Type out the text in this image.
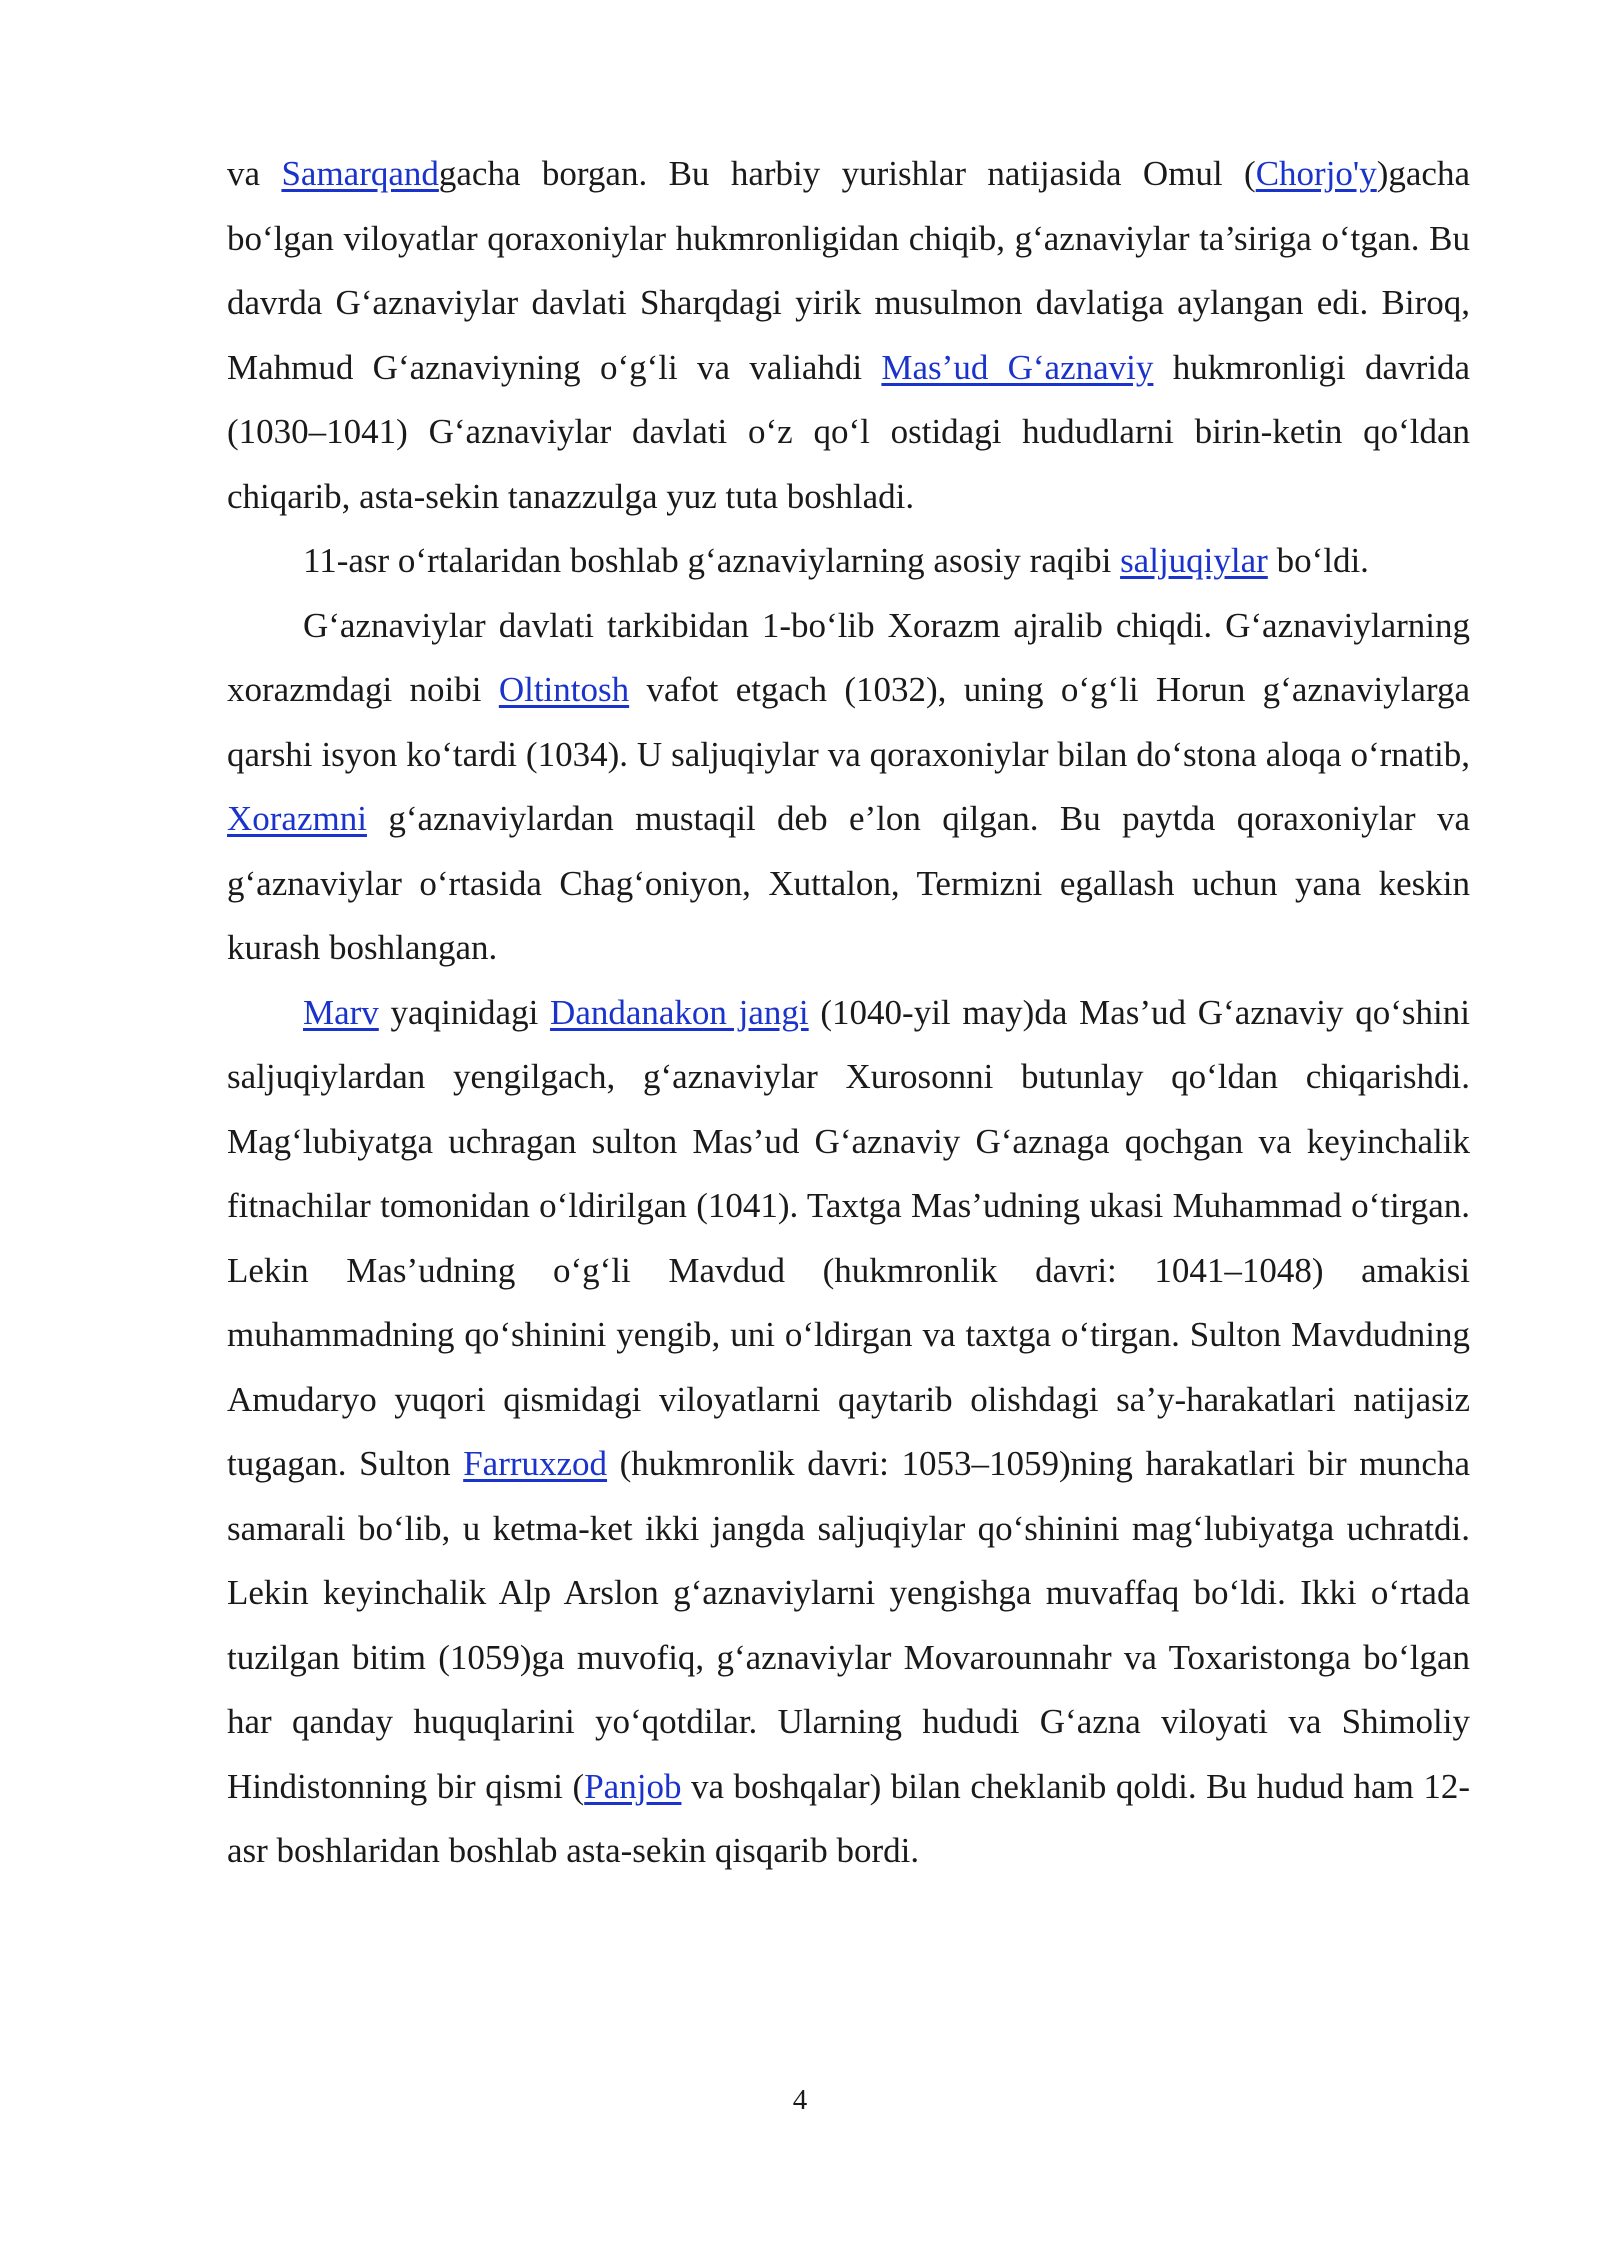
va Samarqandgacha borgan. Bu harbiy yurishlar natijasida Omul (Chorjo'y)gacha bo‘lgan viloyatlar qoraxoniylar hukmronligidan chiqib, g‘aznaviylar ta’siriga o‘tgan. Bu davrda G‘aznaviylar davlati Sharqdagi yirik musulmon davlatiga aylangan edi. Biroq, Mahmud G‘aznaviyning o‘g‘li va valiahdi Mas’ud G‘aznaviy hukmronligi davrida (1030–1041) G‘aznaviylar davlati o‘z qo‘l ostidagi hududlarni birin-ketin qo‘ldan chiqarib, asta-sekin tanazzulga yuz tuta boshladi.

11-asr o‘rtalaridan boshlab g‘aznaviylarning asosiy raqibi saljuqiylar bo‘ldi.

G‘aznaviylar davlati tarkibidan 1-bo‘lib Xorazm ajralib chiqdi. G‘aznaviylarning xorazmdagi noibi Oltintosh vafot etgach (1032), uning o‘g‘li Horun g‘aznaviylarga qarshi isyon ko‘tardi (1034). U saljuqiylar va qoraxoniylar bilan do‘stona aloqa o‘rnatib, Xorazmni g‘aznaviylardan mustaqil deb e’lon qilgan. Bu paytda qoraxoniylar va g‘aznaviylar o‘rtasida Chag‘oniyon, Xuttalon, Termizni egallash uchun yana keskin kurash boshlangan.

Marv yaqinidagi Dandanakon jangi (1040-yil may)da Mas’ud G‘aznaviy qo‘shini saljuqiylardan yengilgach, g‘aznaviylar Xurosonni butunlay qo‘ldan chiqarishdi. Mag‘lubiyatga uchragan sulton Mas’ud G‘aznaviy G‘aznaga qochgan va keyinchalik fitnachilar tomonidan o‘ldirilgan (1041). Taxtga Mas’udning ukasi Muhammad o‘tirgan. Lekin Mas’udning o‘g‘li Mavdud (hukmronlik davri: 1041–1048) amakisi muhammadning qo‘shinini yengib, uni o‘ldirgan va taxtga o‘tirgan. Sulton Mavdudning Amudaryo yuqori qismidagi viloyatlarni qaytarib olishdagi sa’y-harakatlari natijasiz tugagan. Sulton Farruxzod (hukmronlik davri: 1053–1059)ning harakatlari bir muncha samarali bo‘lib, u ketma-ket ikki jangda saljuqiylar qo‘shinini mag‘lubiyatga uchratdi. Lekin keyinchalik Alp Arslon g‘aznaviylarni yengishga muvaffaq bo‘ldi. Ikki o‘rtada tuzilgan bitim (1059)ga muvofiq, g‘aznaviylar Movarounnahr va Toxaristonga bo‘lgan har qanday huquqlarini yo‘qotdilar. Ularning hududi G‘azna viloyati va Shimoliy Hindistonning bir qismi (Panjob va boshqalar) bilan cheklanib qoldi. Bu hudud ham 12-asr boshlaridan boshlab asta-sekin qisqarib bordi.

4
